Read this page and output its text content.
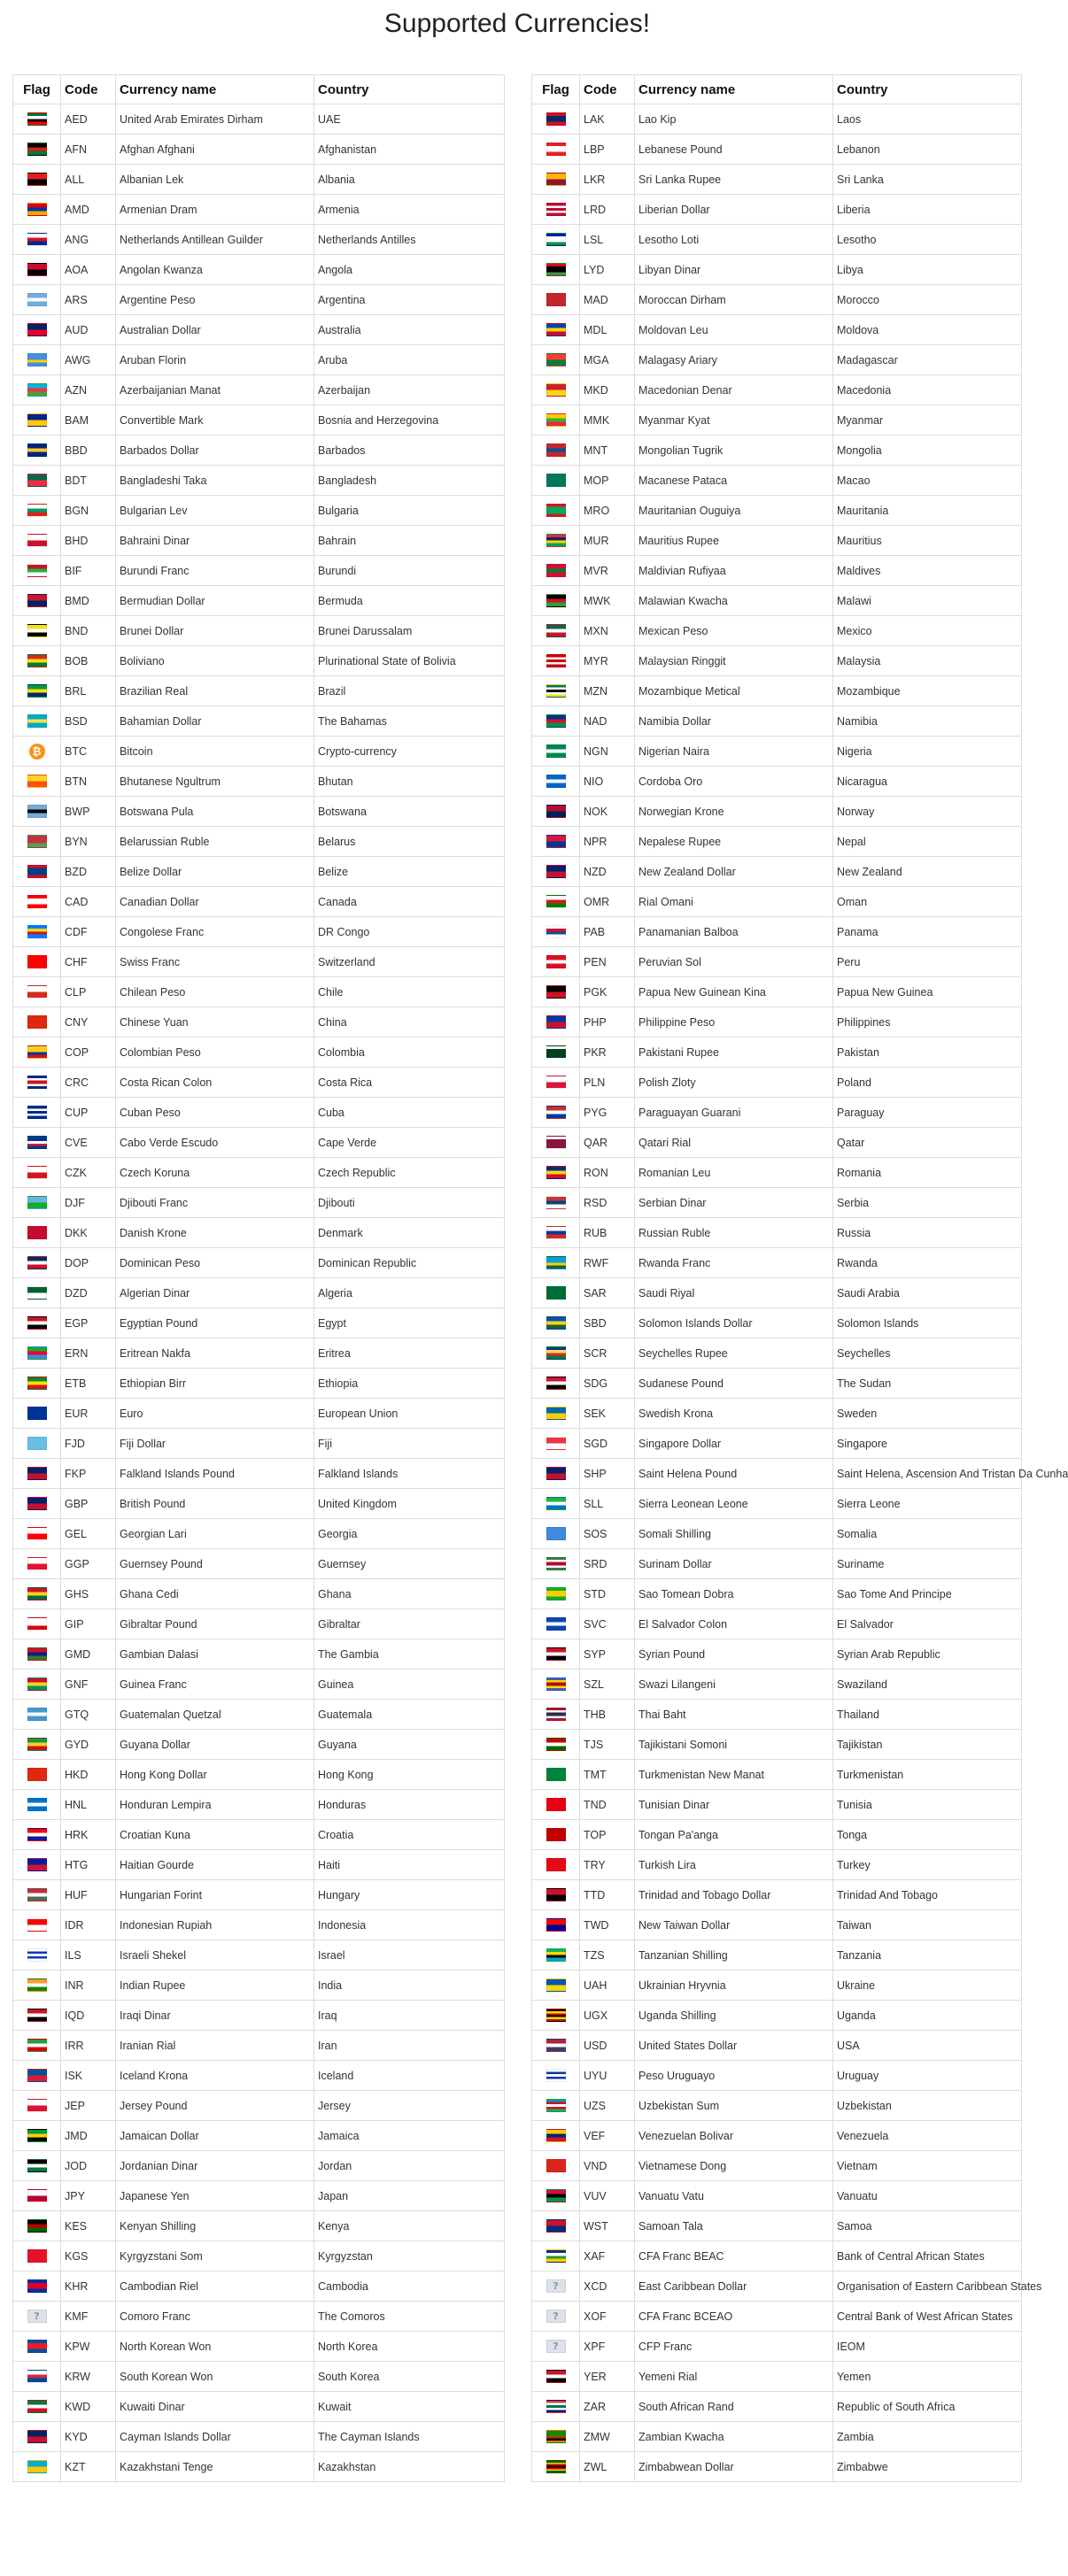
Supported Currencies!
Flag	Code	Currency name	Country
	AED	United Arab Emirates Dirham	UAE
	AFN	Afghan Afghani	Afghanistan
	ALL	Albanian Lek	Albania
	AMD	Armenian Dram	Armenia
	ANG	Netherlands Antillean Guilder	Netherlands Antilles
	AOA	Angolan Kwanza	Angola
	ARS	Argentine Peso	Argentina
	AUD	Australian Dollar	Australia
	AWG	Aruban Florin	Aruba
	AZN	Azerbaijanian Manat	Azerbaijan
	BAM	Convertible Mark	Bosnia and Herzegovina
	BBD	Barbados Dollar	Barbados
	BDT	Bangladeshi Taka	Bangladesh
	BGN	Bulgarian Lev	Bulgaria
	BHD	Bahraini Dinar	Bahrain
	BIF	Burundi Franc	Burundi
	BMD	Bermudian Dollar	Bermuda
	BND	Brunei Dollar	Brunei Darussalam
	BOB	Boliviano	Plurinational State of Bolivia
	BRL	Brazilian Real	Brazil
	BSD	Bahamian Dollar	The Bahamas
₿	BTC	Bitcoin	Crypto-currency
	BTN	Bhutanese Ngultrum	Bhutan
	BWP	Botswana Pula	Botswana
	BYN	Belarussian Ruble	Belarus
	BZD	Belize Dollar	Belize
	CAD	Canadian Dollar	Canada
	CDF	Congolese Franc	DR Congo
	CHF	Swiss Franc	Switzerland
	CLP	Chilean Peso	Chile
	CNY	Chinese Yuan	China
	COP	Colombian Peso	Colombia
	CRC	Costa Rican Colon	Costa Rica
	CUP	Cuban Peso	Cuba
	CVE	Cabo Verde Escudo	Cape Verde
	CZK	Czech Koruna	Czech Republic
	DJF	Djibouti Franc	Djibouti
	DKK	Danish Krone	Denmark
	DOP	Dominican Peso	Dominican Republic
	DZD	Algerian Dinar	Algeria
	EGP	Egyptian Pound	Egypt
	ERN	Eritrean Nakfa	Eritrea
	ETB	Ethiopian Birr	Ethiopia
	EUR	Euro	European Union
	FJD	Fiji Dollar	Fiji
	FKP	Falkland Islands Pound	Falkland Islands
	GBP	British Pound	United Kingdom
	GEL	Georgian Lari	Georgia
	GGP	Guernsey Pound	Guernsey
	GHS	Ghana Cedi	Ghana
	GIP	Gibraltar Pound	Gibraltar
	GMD	Gambian Dalasi	The Gambia
	GNF	Guinea Franc	Guinea
	GTQ	Guatemalan Quetzal	Guatemala
	GYD	Guyana Dollar	Guyana
	HKD	Hong Kong Dollar	Hong Kong
	HNL	Honduran Lempira	Honduras
	HRK	Croatian Kuna	Croatia
	HTG	Haitian Gourde	Haiti
	HUF	Hungarian Forint	Hungary
	IDR	Indonesian Rupiah	Indonesia
	ILS	Israeli Shekel	Israel
	INR	Indian Rupee	India
	IQD	Iraqi Dinar	Iraq
	IRR	Iranian Rial	Iran
	ISK	Iceland Krona	Iceland
	JEP	Jersey Pound	Jersey
	JMD	Jamaican Dollar	Jamaica
	JOD	Jordanian Dinar	Jordan
	JPY	Japanese Yen	Japan
	KES	Kenyan Shilling	Kenya
	KGS	Kyrgyzstani Som	Kyrgyzstan
	KHR	Cambodian Riel	Cambodia
?	KMF	Comoro Franc	The Comoros
	KPW	North Korean Won	North Korea
	KRW	South Korean Won	South Korea
	KWD	Kuwaiti Dinar	Kuwait
	KYD	Cayman Islands Dollar	The Cayman Islands
	KZT	Kazakhstani Tenge	Kazakhstan
Flag	Code	Currency name	Country
	LAK	Lao Kip	Laos
	LBP	Lebanese Pound	Lebanon
	LKR	Sri Lanka Rupee	Sri Lanka
	LRD	Liberian Dollar	Liberia
	LSL	Lesotho Loti	Lesotho
	LYD	Libyan Dinar	Libya
	MAD	Moroccan Dirham	Morocco
	MDL	Moldovan Leu	Moldova
	MGA	Malagasy Ariary	Madagascar
	MKD	Macedonian Denar	Macedonia
	MMK	Myanmar Kyat	Myanmar
	MNT	Mongolian Tugrik	Mongolia
	MOP	Macanese Pataca	Macao
	MRO	Mauritanian Ouguiya	Mauritania
	MUR	Mauritius Rupee	Mauritius
	MVR	Maldivian Rufiyaa	Maldives
	MWK	Malawian Kwacha	Malawi
	MXN	Mexican Peso	Mexico
	MYR	Malaysian Ringgit	Malaysia
	MZN	Mozambique Metical	Mozambique
	NAD	Namibia Dollar	Namibia
	NGN	Nigerian Naira	Nigeria
	NIO	Cordoba Oro	Nicaragua
	NOK	Norwegian Krone	Norway
	NPR	Nepalese Rupee	Nepal
	NZD	New Zealand Dollar	New Zealand
	OMR	Rial Omani	Oman
	PAB	Panamanian Balboa	Panama
	PEN	Peruvian Sol	Peru
	PGK	Papua New Guinean Kina	Papua New Guinea
	PHP	Philippine Peso	Philippines
	PKR	Pakistani Rupee	Pakistan
	PLN	Polish Zloty	Poland
	PYG	Paraguayan Guarani	Paraguay
	QAR	Qatari Rial	Qatar
	RON	Romanian Leu	Romania
	RSD	Serbian Dinar	Serbia
	RUB	Russian Ruble	Russia
	RWF	Rwanda Franc	Rwanda
	SAR	Saudi Riyal	Saudi Arabia
	SBD	Solomon Islands Dollar	Solomon Islands
	SCR	Seychelles Rupee	Seychelles
	SDG	Sudanese Pound	The Sudan
	SEK	Swedish Krona	Sweden
	SGD	Singapore Dollar	Singapore
	SHP	Saint Helena Pound	Saint Helena, Ascension And Tristan Da Cunha
	SLL	Sierra Leonean Leone	Sierra Leone
	SOS	Somali Shilling	Somalia
	SRD	Surinam Dollar	Suriname
	STD	Sao Tomean Dobra	Sao Tome And Principe
	SVC	El Salvador Colon	El Salvador
	SYP	Syrian Pound	Syrian Arab Republic
	SZL	Swazi Lilangeni	Swaziland
	THB	Thai Baht	Thailand
	TJS	Tajikistani Somoni	Tajikistan
	TMT	Turkmenistan New Manat	Turkmenistan
	TND	Tunisian Dinar	Tunisia
	TOP	Tongan Pa'anga	Tonga
	TRY	Turkish Lira	Turkey
	TTD	Trinidad and Tobago Dollar	Trinidad And Tobago
	TWD	New Taiwan Dollar	Taiwan
	TZS	Tanzanian Shilling	Tanzania
	UAH	Ukrainian Hryvnia	Ukraine
	UGX	Uganda Shilling	Uganda
	USD	United States Dollar	USA
	UYU	Peso Uruguayo	Uruguay
	UZS	Uzbekistan Sum	Uzbekistan
	VEF	Venezuelan Bolivar	Venezuela
	VND	Vietnamese Dong	Vietnam
	VUV	Vanuatu Vatu	Vanuatu
	WST	Samoan Tala	Samoa
	XAF	CFA Franc BEAC	Bank of Central African States
?	XCD	East Caribbean Dollar	Organisation of Eastern Caribbean States
?	XOF	CFA Franc BCEAO	Central Bank of West African States
?	XPF	CFP Franc	IEOM
	YER	Yemeni Rial	Yemen
	ZAR	South African Rand	Republic of South Africa
	ZMW	Zambian Kwacha	Zambia
	ZWL	Zimbabwean Dollar	Zimbabwe
